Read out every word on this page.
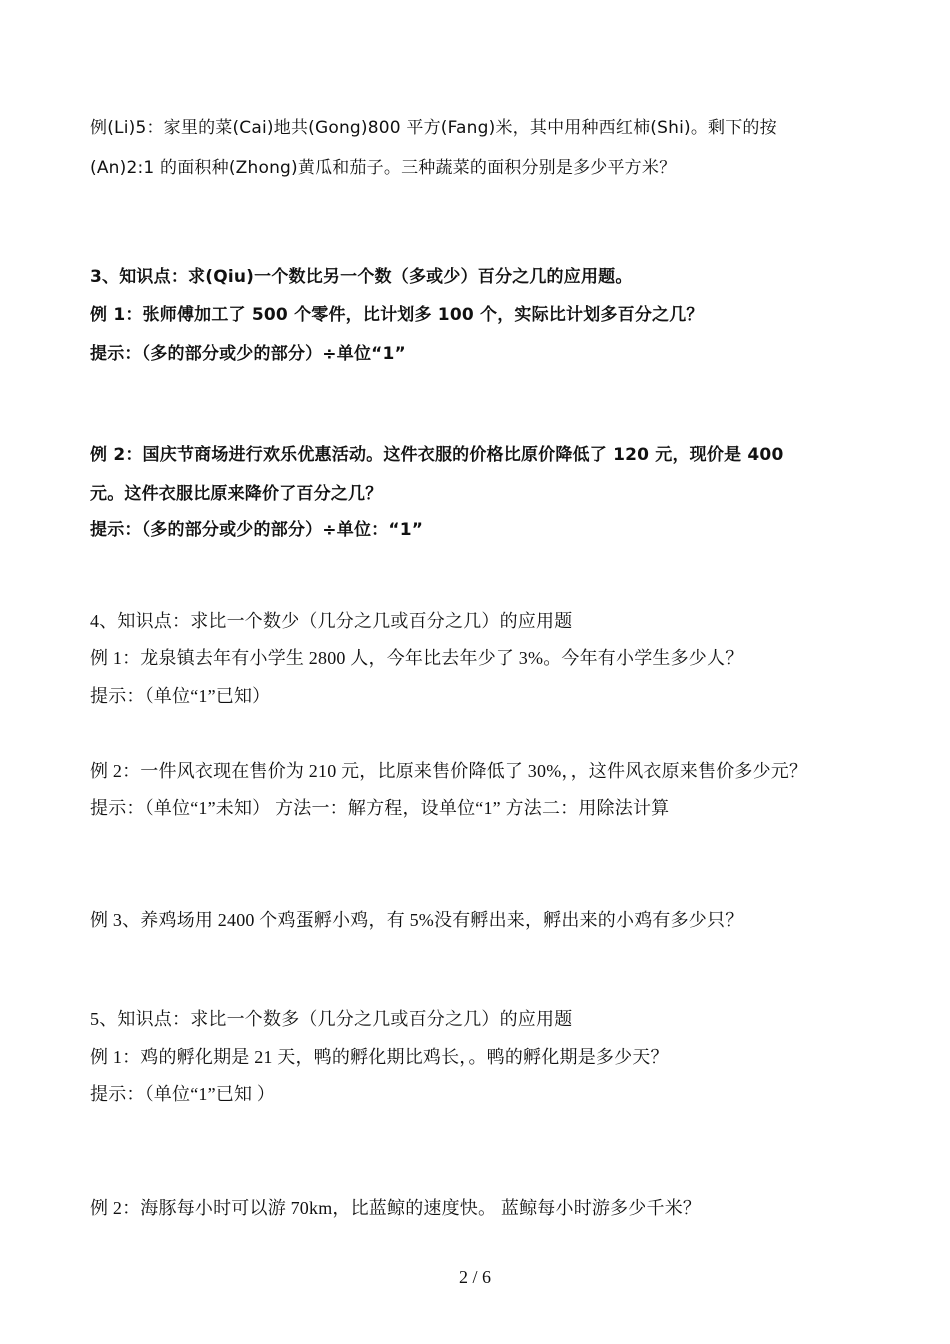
例(Li)5：家里的菜(Cai)地共(Gong)800 平方(Fang)米，其中用种西红柿(Shi)。剩下的按
(An)2:1 的面积种(Zhong)黄瓜和茄子。三种蔬菜的面积分别是多少平方米？
3、知识点：求(Qiu)一个数比另一个数（多或少）百分之几的应用题。
例 1：张师傅加工了 500 个零件，比计划多 100 个，实际比计划多百分之几？
提示：（多的部分或少的部分）÷单位“1”
例 2：国庆节商场进行欢乐优惠活动。这件衣服的价格比原价降低了 120 元，现价是 400
元。这件衣服比原来降价了百分之几？
提示：（多的部分或少的部分）÷单位：“1”
4、知识点：求比一个数少（几分之几或百分之几）的应用题
例 1：龙泉镇去年有小学生 2800 人，今年比去年少了 3%。今年有小学生多少人？
提示：（单位“1”已知）
例 2：一件风衣现在售价为 210 元，比原来售价降低了 30%，，这件风衣原来售价多少元？
提示：（单位“1”未知） 方法一：解方程，设单位“1” 方法二：用除法计算
例 3、养鸡场用 2400 个鸡蛋孵小鸡，有 5%没有孵出来，孵出来的小鸡有多少只？
5、知识点：求比一个数多（几分之几或百分之几）的应用题
例 1：鸡的孵化期是 21 天，鸭的孵化期比鸡长，。鸭的孵化期是多少天？
提示：（单位“1”已知 ）
例 2：海豚每小时可以游 70km，比蓝鲸的速度快。 蓝鲸每小时游多少千米？
2 / 6
